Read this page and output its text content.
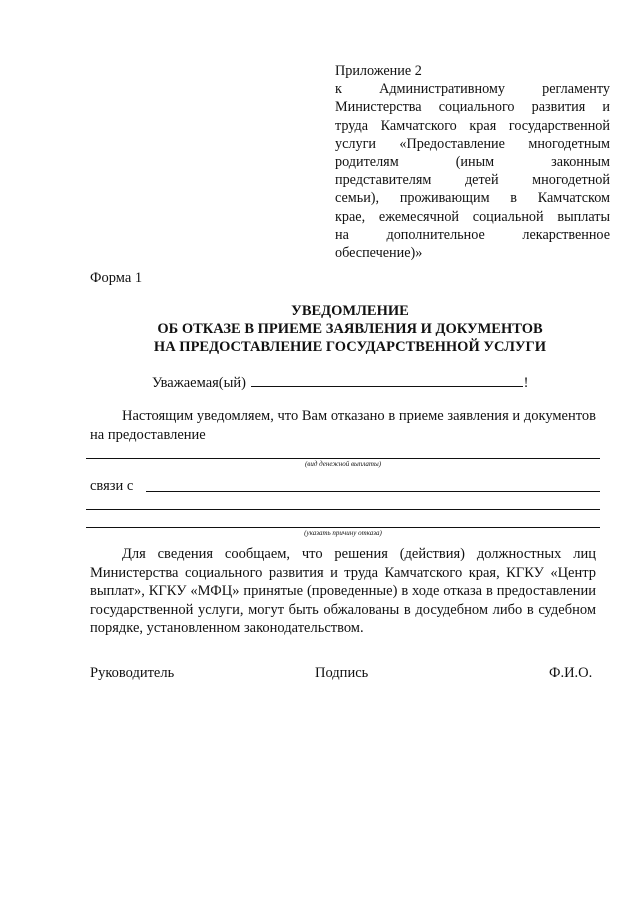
Приложение 2
к Административному регламенту
Министерства социального развития и
труда Камчатского края государственной
услуги «Предоставление многодетным
родителям (иным законным
представителям детей многодетной
семьи), проживающим в Камчатском
крае, ежемесячной социальной выплаты
на дополнительное лекарственное
обеспечение)»
Форма 1
УВЕДОМЛЕНИЕ
ОБ ОТКАЗЕ В ПРИЕМЕ ЗАЯВЛЕНИЯ И ДОКУМЕНТОВ
НА ПРЕДОСТАВЛЕНИЕ ГОСУДАРСТВЕННОЙ УСЛУГИ
Уважаемая(ый)	!
Настоящим уведомляем, что Вам отказано в приеме заявления и документов на предоставление
(вид денежной выплаты)
связи с
(указать причину отказа)
Для сведения сообщаем, что решения (действия) должностных лиц Министерства социального развития и труда Камчатского края, КГКУ «Центр выплат», КГКУ «МФЦ» принятые (проведенные) в ходе отказа в предоставлении государственной услуги, могут быть обжалованы в досудебном либо в судебном порядке, установленном законодательством.
Руководитель	Подпись	Ф.И.О.
